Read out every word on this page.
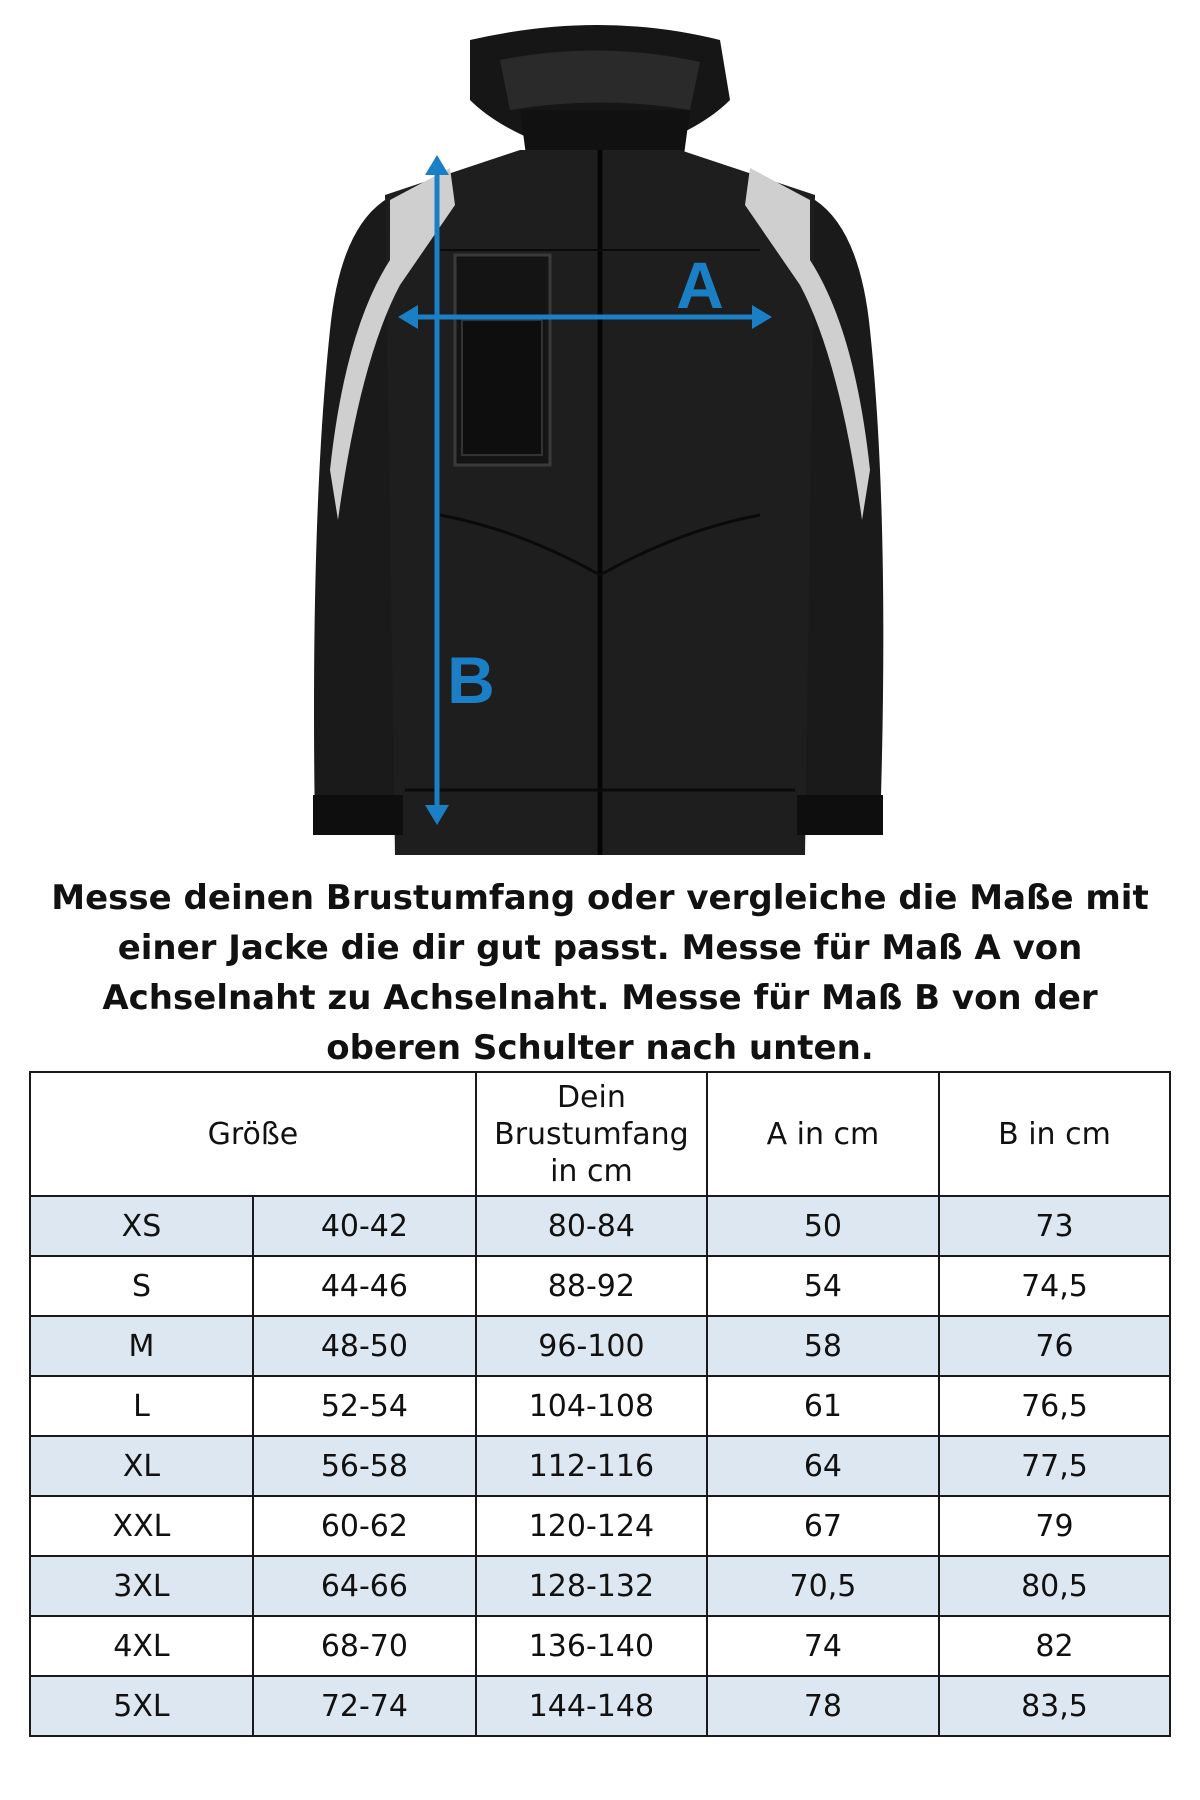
A
B
Messe deinen Brustumfang oder vergleiche die Maße mit einer Jacke die dir gut passt. Messe für Maß A von Achselnaht zu Achselnaht. Messe für Maß B von der oberen Schulter nach unten.
Größe		Dein Brustumfang in cm	A in cm	B in cm
XS	40-42	80-84	50	73
S	44-46	88-92	54	74,5
M	48-50	96-100	58	76
L	52-54	104-108	61	76,5
XL	56-58	112-116	64	77,5
XXL	60-62	120-124	67	79
3XL	64-66	128-132	70,5	80,5
4XL	68-70	136-140	74	82
5XL	72-74	144-148	78	83,5
